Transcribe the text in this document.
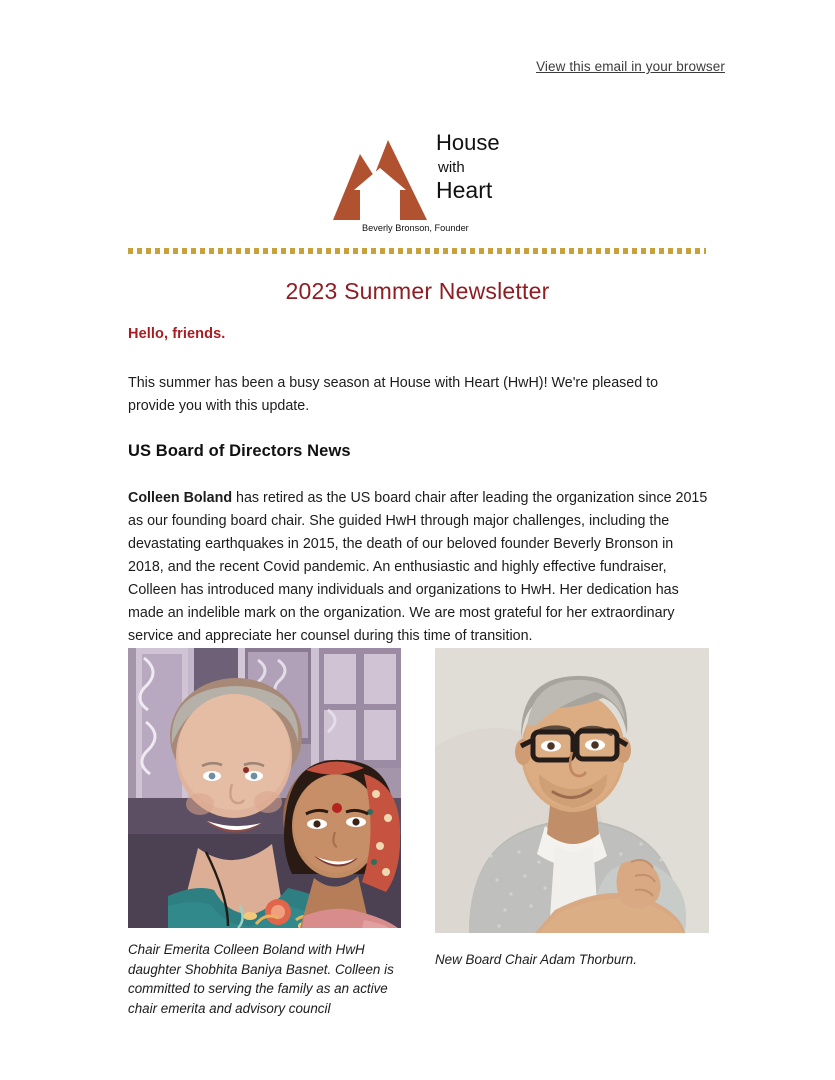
View this email in your browser
House
with
Heart
Beverly Bronson, Founder
2023 Summer Newsletter

Hello, friends.

This summer has been a busy season at House with Heart (HwH)! We're pleased to provide you with this update.

US Board of Directors News

Colleen Boland has retired as the US board chair after leading the organization since 2015 as our founding board chair. She guided HwH through major challenges, including the devastating earthquakes in 2015, the death of our beloved founder Beverly Bronson in 2018, and the recent Covid pandemic. An enthusiastic and highly effective fundraiser, Colleen has introduced many individuals and organizations to HwH. Her dedication has made an indelible mark on the organization. We are most grateful for her extraordinary service and appreciate her counsel during this time of transition.

Chair Emerita Colleen Boland with HwH daughter Shobhita Baniya Basnet. Colleen is committed to serving the family as an active chair emerita and advisory council
New Board Chair Adam Thorburn.
